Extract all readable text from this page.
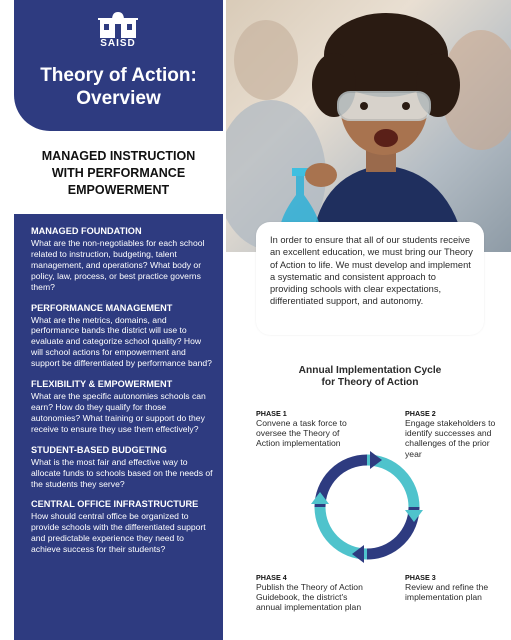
SAISD
Theory of Action:
Overview
MANAGED INSTRUCTION
WITH PERFORMANCE
EMPOWERMENT
MANAGED FOUNDATION
What are the non-negotiables for each school related to instruction, budgeting, talent management, and operations? What body or policy, law, process, or best practice governs them?
PERFORMANCE MANAGEMENT
What are the metrics, domains, and performance bands the district will use to evaluate and categorize school quality? How will school actions for empowerment and support be differentiated by performance band?
FLEXIBILITY & EMPOWERMENT
What are the specific autonomies schools can earn? How do they qualify for those autonomies? What training or support do they receive to ensure they use them effectively?
STUDENT-BASED BUDGETING
What is the most fair and effective way to allocate funds to schools based on the needs of the students they serve?
CENTRAL OFFICE INFRASTRUCTURE
How should central office be organized to provide schools with the differentiated support and predictable experience they need to achieve success for their students?
In order to ensure that all of our students receive an excellent education, we must bring our Theory of Action to life. We must develop and implement a systematic and consistent approach to providing schools with clear expectations, differentiated support, and autonomy.
Annual Implementation Cycle
for Theory of Action
PHASE 1
Convene a task force to oversee the Theory of Action implementation
PHASE 2
Engage stakeholders to identify successes and challenges of the prior year
PHASE 3
Review and refine the implementation plan
PHASE 4
Publish the Theory of Action Guidebook, the district's annual implementation plan
